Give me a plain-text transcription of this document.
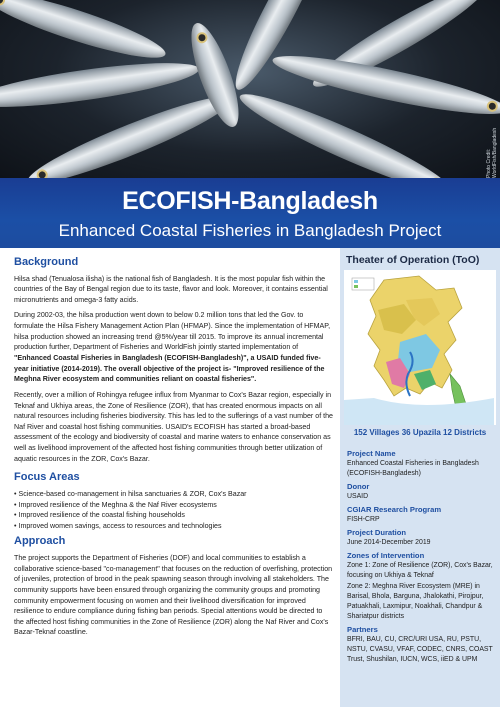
Photo Credit: WorldFish/Bangladesh
ECOFISH-Bangladesh
Enhanced Coastal Fisheries in Bangladesh Project
Background

Hilsa shad (Tenualosa ilisha) is the national fish of Bangladesh. It is the most popular fish within the countries of the Bay of Bengal region due to its taste, flavor and look. Moreover, it contains essential micronutrients and omega-3 fatty acids.

During 2002-03, the hilsa production went down to below 0.2 million tons that led the Gov. to formulate the Hilsa Fishery Management Action Plan (HFMAP). Since the implementation of HFMAP, hilsa production showed an increasing trend @5%/year till 2015. To improve its annual incremental production further, Department of Fisheries and WorldFish jointly started implementation of "Enhanced Coastal Fisheries in Bangladesh (ECOFISH-Bangladesh)", a USAID funded five-year initiative (2014-2019). The overall objective of the project is- "Improved resilience of the Meghna River ecosystem and communities reliant on coastal fisheries".

Recently, over a million of Rohingya refugee influx from Myanmar to Cox's Bazar region, especially in Teknaf and Ukhiya areas, the Zone of Resilience (ZOR), that has created enormous impacts on all natural resources including fisheries biodiversity. This has led to the sufferings of a vast number of the Naf River and coastal host fishing communities. USAID's ECOFISH has started a broad-based assessment of the ecology and biodiversity of coastal and marine waters to enhance conservation as well as livelihood improvement of the affected host fishing communities through better utilization of aquatic resources in the ZOR, Cox's Bazar.

Focus Areas
• Science-based co-management in hilsa sanctuaries & ZOR, Cox's Bazar
• Improved resilience of the Meghna & the Naf River ecosystems
• Improved resilience of the coastal fishing households
• Improved women savings, access to resources and technologies
Approach

The project supports the Department of Fisheries (DOF) and local communities to establish a collaborative science-based "co-management" that focuses on the reduction of overfishing, protection of juveniles, protection of brood in the peak spawning season through involving all stakeholders. The community supports have been ensured through organizing the community groups and promoting community empowerment focusing on women and their livelihood diversification for improved resilience to endure compliance during fishing ban periods. Special attentions would be directed to the affected host fishing communities in the Zone of Resilience (ZOR) along the Naf River and Cox's Bazar-Teknaf coastline.

Theater of Operation (ToO)
152 Villages 36 Upazila 12 Districts
Project Name
Enhanced Coastal Fisheries in Bangladesh (ECOFISH-Bangladesh)
Donor
USAID
CGIAR Research Program
FISH-CRP
Project Duration
June 2014-December 2019
Zones of Intervention
Zone 1: Zone of Resilience (ZOR), Cox's Bazar, focusing on Ukhiya & Teknaf
Zone 2: Meghna River Ecosystem (MRE) in Barisal, Bhola, Barguna, Jhalokathi, Pirojpur, Patuakhali, Laxmipur, Noakhali, Chandpur & Shariatpur districts
Partners
BFRI, BAU, CU, CRC/URI USA, RU, PSTU, NSTU, CVASU, VFAF, CODEC, CNRS, COAST Trust, Shushilan, IUCN, WCS, iiED & UPM
